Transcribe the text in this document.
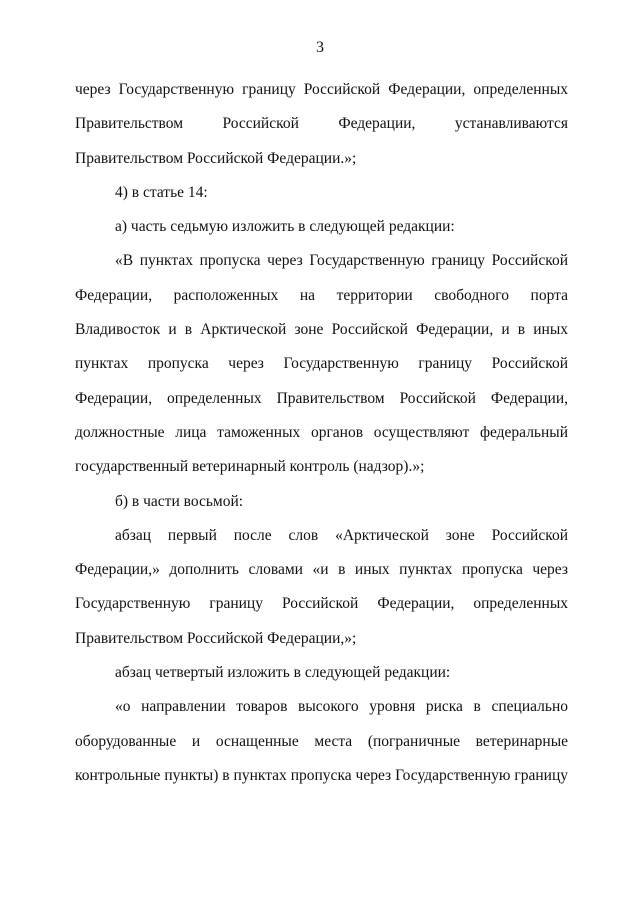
3

через Государственную границу Российской Федерации, определенных Правительством Российской Федерации, устанавливаются Правительством Российской Федерации.»;

4) в статье 14:

а) часть седьмую изложить в следующей редакции:

«В пунктах пропуска через Государственную границу Российской Федерации, расположенных на территории свободного порта Владивосток и в Арктической зоне Российской Федерации, и в иных пунктах пропуска через Государственную границу Российской Федерации, определенных Правительством Российской Федерации, должностные лица таможенных органов осуществляют федеральный государственный ветеринарный контроль (надзор).»;

б) в части восьмой:

абзац первый после слов «Арктической зоне Российской Федерации,» дополнить словами «и в иных пунктах пропуска через Государственную границу Российской Федерации, определенных Правительством Российской Федерации,»;

абзац четвертый изложить в следующей редакции:

«о направлении товаров высокого уровня риска в специально оборудованные и оснащенные места (пограничные ветеринарные контрольные пункты) в пунктах пропуска через Государственную границу
